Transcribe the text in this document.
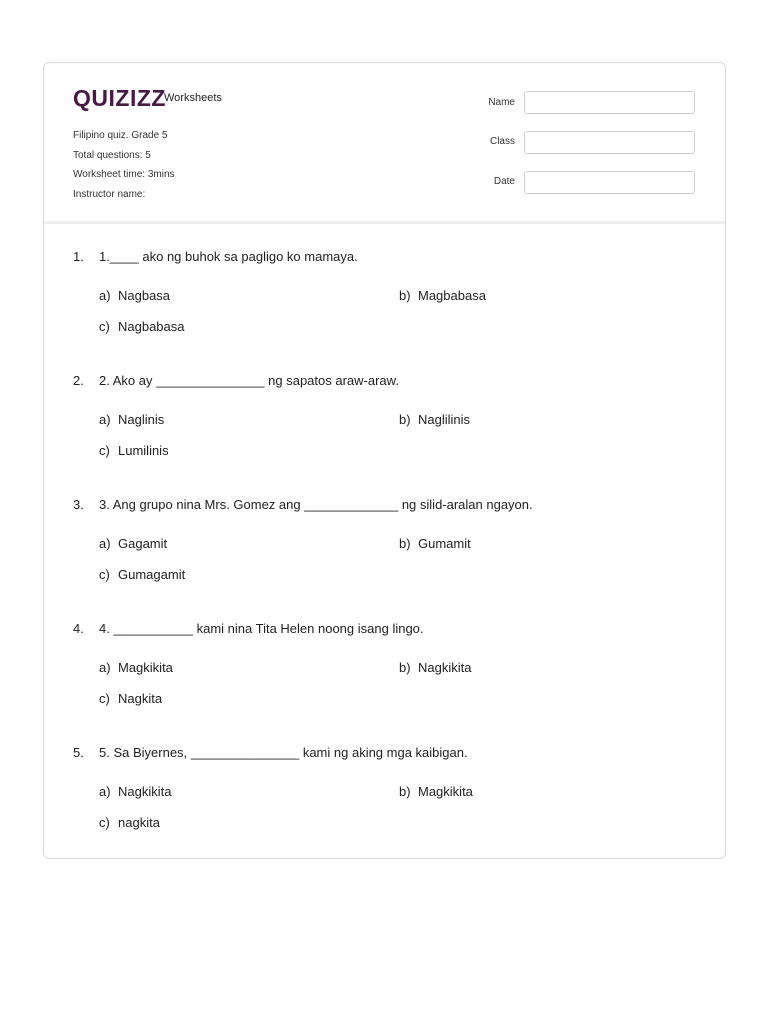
QUIZIZZ
Worksheets
Filipino quiz. Grade 5
Total questions: 5
Worksheet time: 3mins
Instructor name:
Name
Class
Date
1. 1.____ ako ng buhok sa pagligo ko mamaya.
a) Nagbasa	b) Magbabasa
c) Nagbabasa
2. 2. Ako ay _______________ ng sapatos araw-araw.
a) Naglinis	b) Naglilinis
c) Lumilinis
3. 3. Ang grupo nina Mrs. Gomez ang _____________ ng silid-aralan ngayon.
a) Gagamit	b) Gumamit
c) Gumagamit
4. 4. ___________ kami nina Tita Helen noong isang lingo.
a) Magkikita	b) Nagkikita
c) Nagkita
5. 5. Sa Biyernes, _______________ kami ng aking mga kaibigan.
a) Nagkikita	b) Magkikita
c) nagkita
